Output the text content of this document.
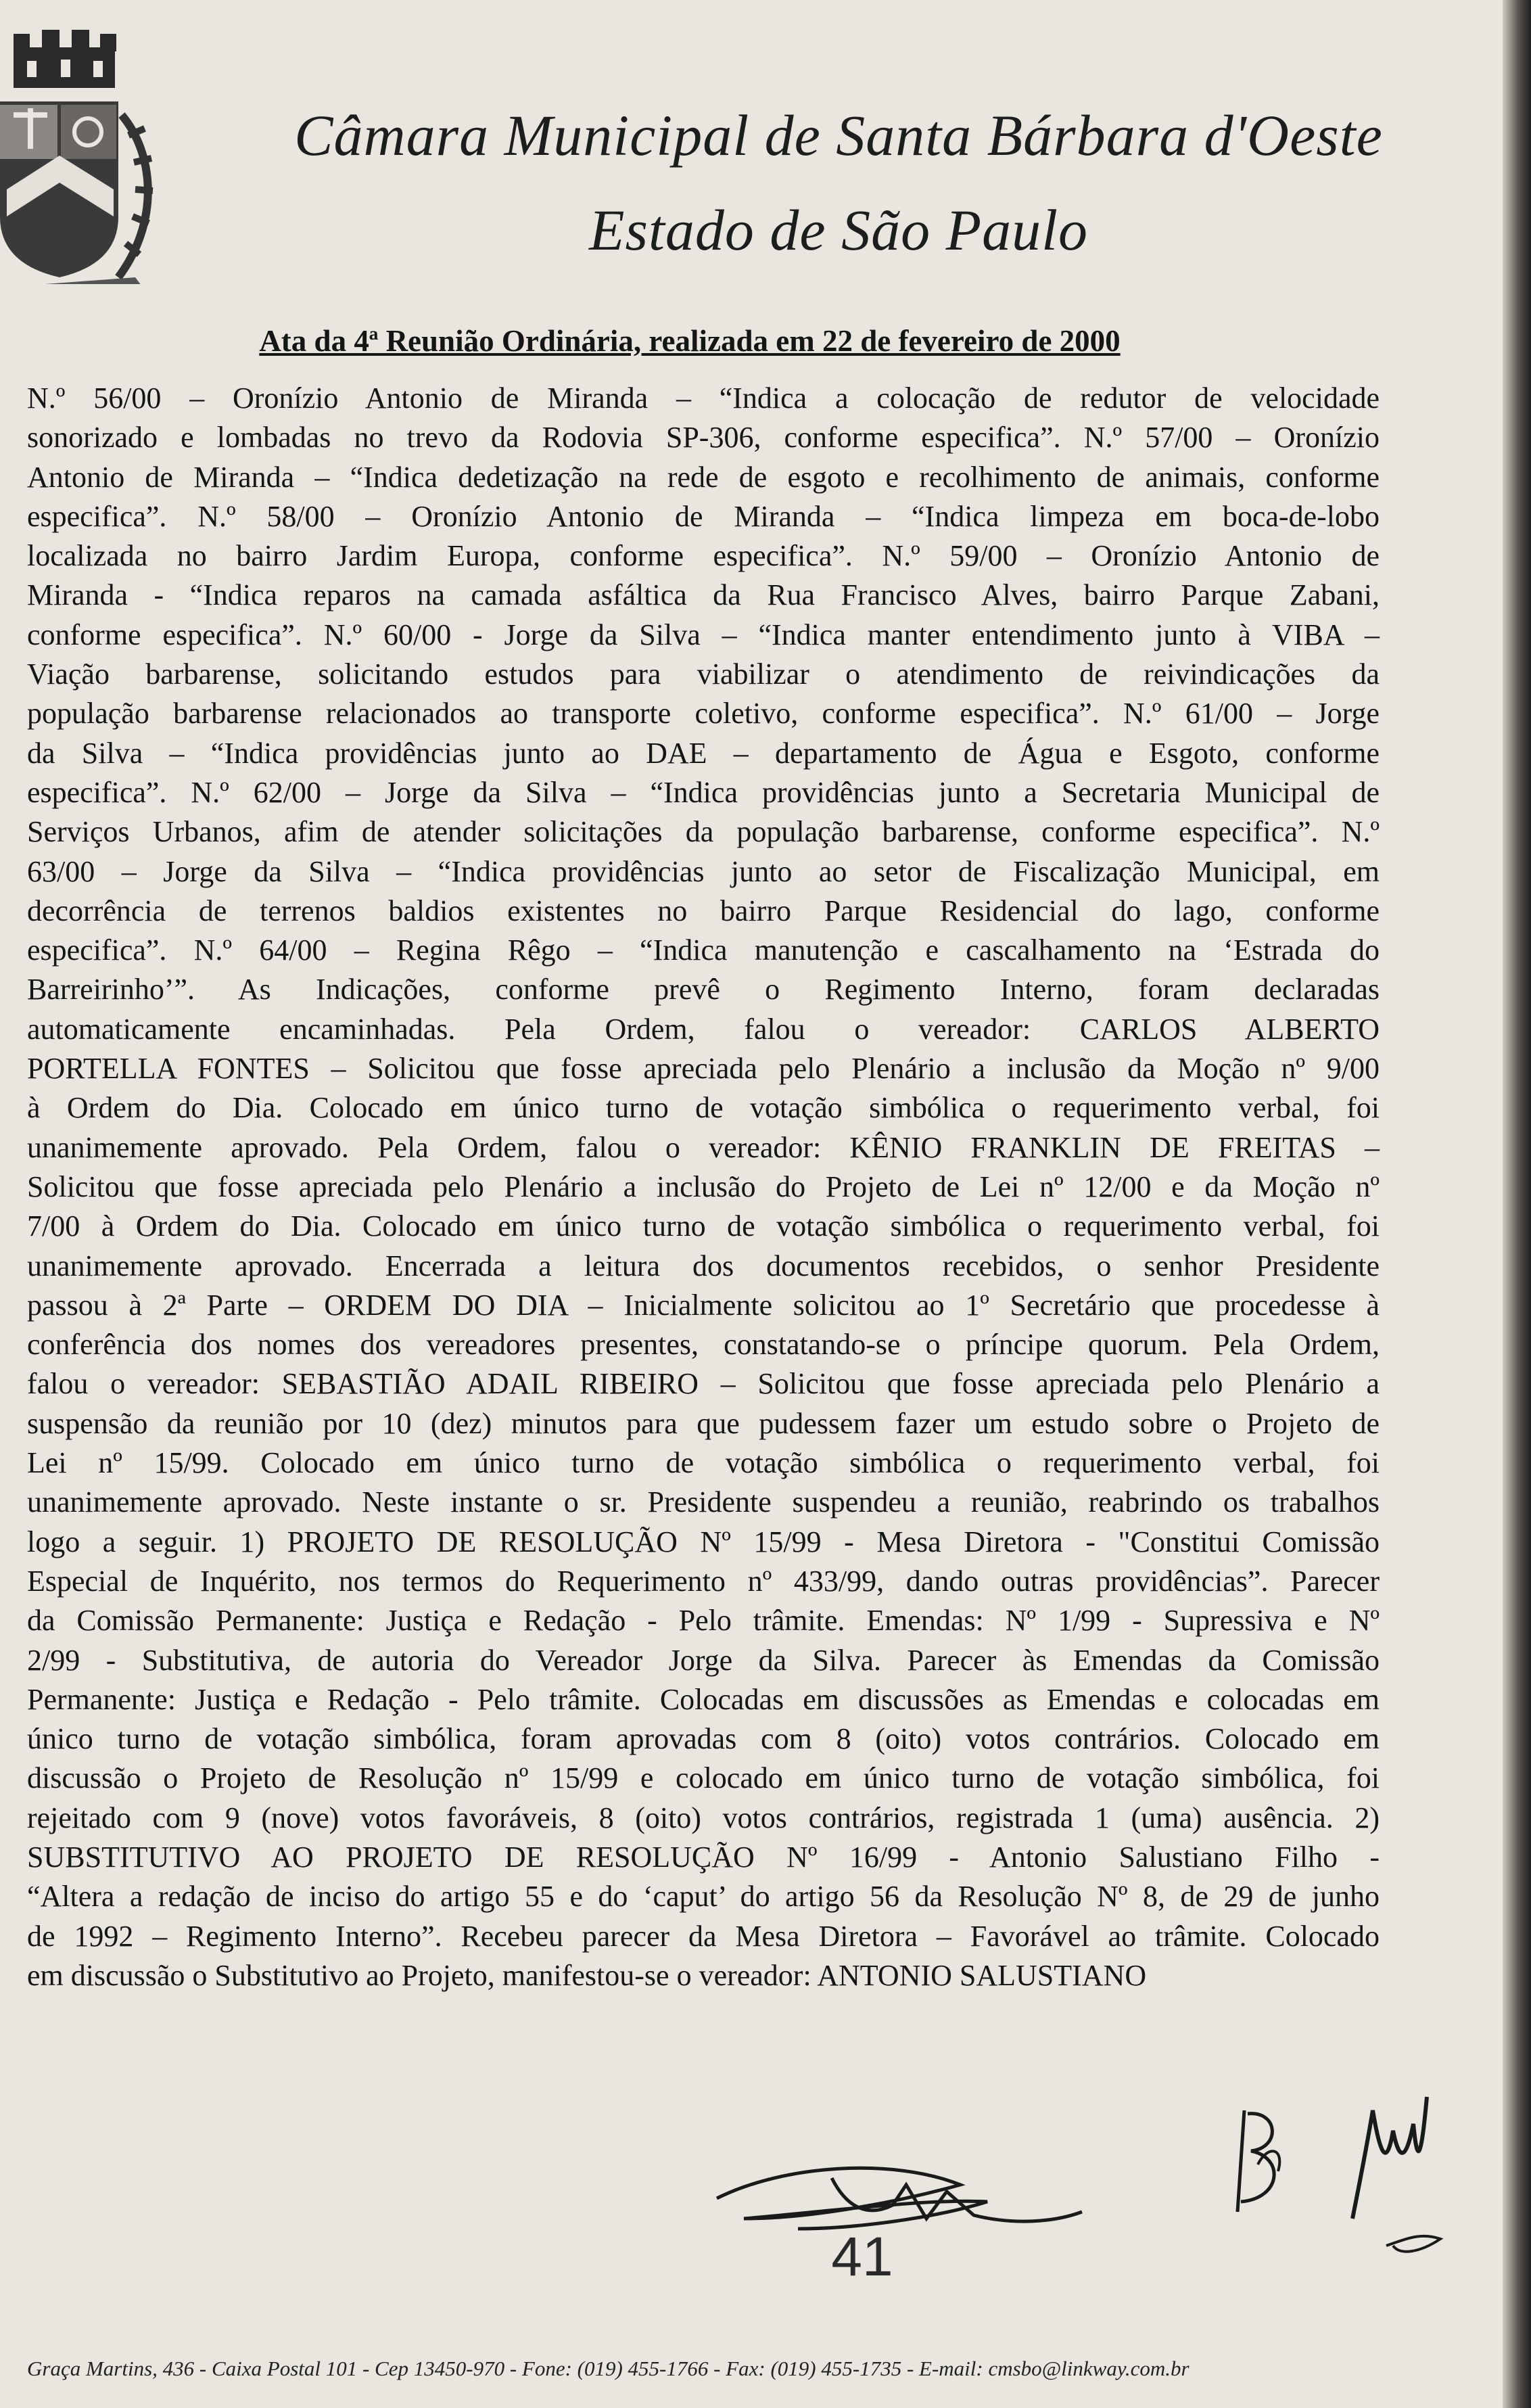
Câmara Municipal de Santa Bárbara d'Oeste
Estado de São Paulo
Ata da 4ª Reunião Ordinária, realizada em 22 de fevereiro de 2000
N.º 56/00 – Oronízio Antonio de Miranda – “Indica a colocação de redutor de velocidade
sonorizado e lombadas no trevo da Rodovia SP-306, conforme especifica”. N.º 57/00 – Oronízio
Antonio de Miranda – “Indica dedetização na rede de esgoto e recolhimento de animais, conforme
especifica”. N.º 58/00 – Oronízio Antonio de Miranda – “Indica limpeza em boca-de-lobo
localizada no bairro Jardim Europa, conforme especifica”. N.º 59/00 – Oronízio Antonio de
Miranda - “Indica reparos na camada asfáltica da Rua Francisco Alves, bairro Parque Zabani,
conforme especifica”. N.º 60/00 - Jorge da Silva – “Indica manter entendimento junto à VIBA –
Viação barbarense, solicitando estudos para viabilizar o atendimento de reivindicações da
população barbarense relacionados ao transporte coletivo, conforme especifica”. N.º 61/00 – Jorge
da Silva – “Indica providências junto ao DAE – departamento de Água e Esgoto, conforme
especifica”. N.º 62/00 – Jorge da Silva – “Indica providências junto a Secretaria Municipal de
Serviços Urbanos, afim de atender solicitações da população barbarense, conforme especifica”. N.º
63/00 – Jorge da Silva – “Indica providências junto ao setor de Fiscalização Municipal, em
decorrência de terrenos baldios existentes no bairro Parque Residencial do lago, conforme
especifica”. N.º 64/00 – Regina Rêgo – “Indica manutenção e cascalhamento na ‘Estrada do
Barreirinho’”. As Indicações, conforme prevê o Regimento Interno, foram declaradas
automaticamente encaminhadas. Pela Ordem, falou o vereador: CARLOS ALBERTO
PORTELLA FONTES – Solicitou que fosse apreciada pelo Plenário a inclusão da Moção nº 9/00
à Ordem do Dia. Colocado em único turno de votação simbólica o requerimento verbal, foi
unanimemente aprovado. Pela Ordem, falou o vereador: KÊNIO FRANKLIN DE FREITAS –
Solicitou que fosse apreciada pelo Plenário a inclusão do Projeto de Lei nº 12/00 e da Moção nº
7/00 à Ordem do Dia. Colocado em único turno de votação simbólica o requerimento verbal, foi
unanimemente aprovado. Encerrada a leitura dos documentos recebidos, o senhor Presidente
passou à 2ª Parte – ORDEM DO DIA – Inicialmente solicitou ao 1º Secretário que procedesse à
conferência dos nomes dos vereadores presentes, constatando-se o príncipe quorum. Pela Ordem,
falou o vereador: SEBASTIÃO ADAIL RIBEIRO – Solicitou que fosse apreciada pelo Plenário a
suspensão da reunião por 10 (dez) minutos para que pudessem fazer um estudo sobre o Projeto de
Lei nº 15/99. Colocado em único turno de votação simbólica o requerimento verbal, foi
unanimemente aprovado. Neste instante o sr. Presidente suspendeu a reunião, reabrindo os trabalhos
logo a seguir. 1) PROJETO DE RESOLUÇÃO Nº 15/99 - Mesa Diretora - "Constitui Comissão
Especial de Inquérito, nos termos do Requerimento nº 433/99, dando outras providências”. Parecer
da Comissão Permanente: Justiça e Redação - Pelo trâmite. Emendas: Nº 1/99 - Supressiva e Nº
2/99 - Substitutiva, de autoria do Vereador Jorge da Silva. Parecer às Emendas da Comissão
Permanente: Justiça e Redação - Pelo trâmite. Colocadas em discussões as Emendas e colocadas em
único turno de votação simbólica, foram aprovadas com 8 (oito) votos contrários. Colocado em
discussão o Projeto de Resolução nº 15/99 e colocado em único turno de votação simbólica, foi
rejeitado com 9 (nove) votos favoráveis, 8 (oito) votos contrários, registrada 1 (uma) ausência. 2)
SUBSTITUTIVO AO PROJETO DE RESOLUÇÃO Nº 16/99 - Antonio Salustiano Filho -
“Altera a redação de inciso do artigo 55 e do ‘caput’ do artigo 56 da Resolução Nº 8, de 29 de junho
de 1992 – Regimento Interno”. Recebeu parecer da Mesa Diretora – Favorável ao trâmite. Colocado
em discussão o Substitutivo ao Projeto, manifestou-se o vereador: ANTONIO SALUSTIANO
41
Graça Martins, 436 - Caixa Postal 101 - Cep 13450-970 - Fone: (019) 455-1766 - Fax: (019) 455-1735 - E-mail: cmsbo@linkway.com.br
